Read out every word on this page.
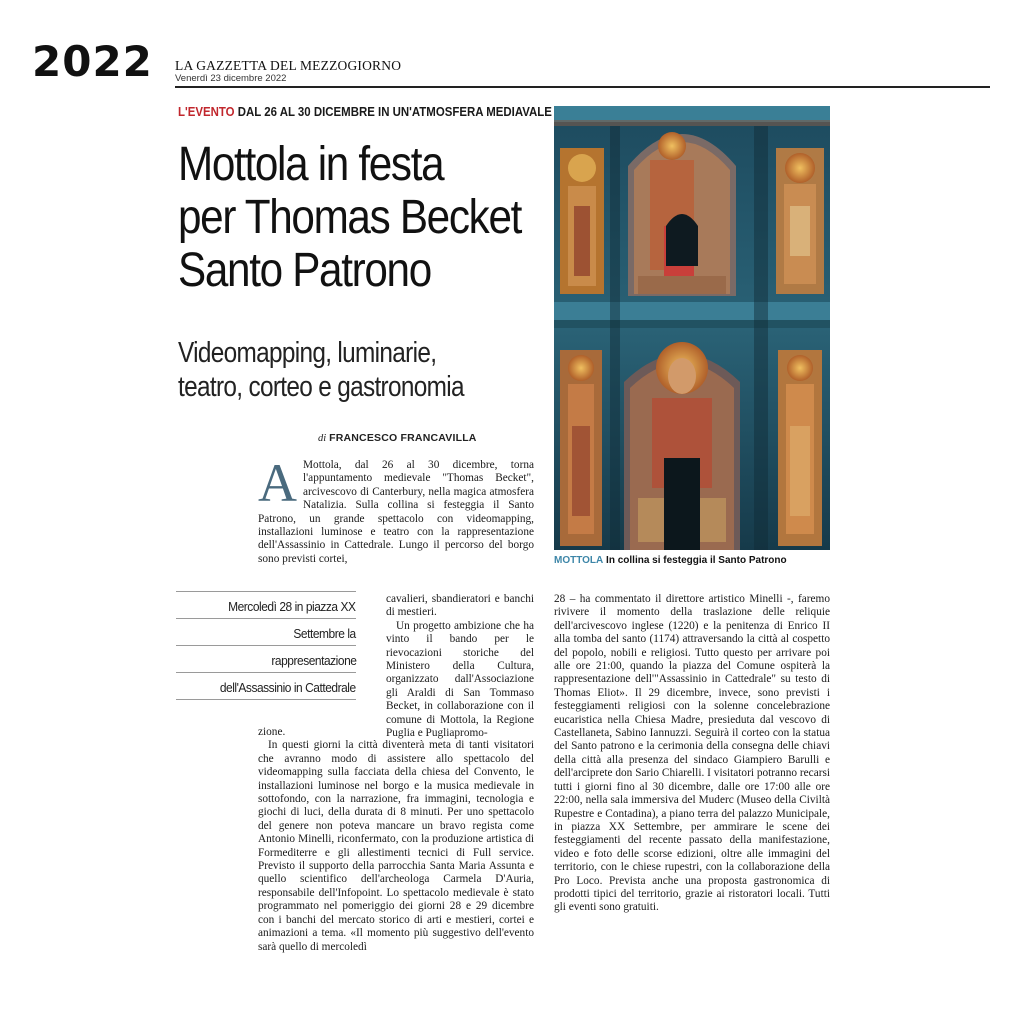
2022 LA GAZZETTA DEL MEZZOGIORNO
Venerdì 23 dicembre 2022
L'EVENTO DAL 26 AL 30 DICEMBRE IN UN'ATMOSFERA MEDIAVALE
Mottola in festa
per Thomas Becket
Santo Patrono
Videomapping, luminarie,
teatro, corteo e gastronomia
di FRANCESCO FRANCAVILLA
A Mottola, dal 26 al 30 dicembre, torna l'appuntamento medievale "Thomas Becket", arcivescovo di Canterbury, nella magica atmosfera Natalizia. Sulla collina si festeggia il Santo Patrono, un grande spettacolo con videomapping, installazioni luminose e teatro con la rappresentazione dell'Assassinio in Cattedrale. Lungo il percorso del borgo sono previsti cortei,

Mercoledì 28 in piazza XX
Settembre la
rappresentazione
dell'Assassinio in Cattedrale

cavalieri, sbandieratori e banchi di mestieri.

Un progetto ambizione che ha vinto il bando per le rievocazioni storiche del Ministero della Cultura, organizzato dall'Associazione gli Araldi di San Tommaso Becket, in collaborazione con il comune di Mottola, la Regione Puglia e Pugliapromo-

zione.

In questi giorni la città diventerà meta di tanti visitatori che avranno modo di assistere allo spettacolo del videomapping sulla facciata della chiesa del Convento, le installazioni luminose nel borgo e la musica medievale in sottofondo, con la narrazione, fra immagini, tecnologia e giochi di luci, della durata di 8 minuti. Per uno spettacolo del genere non poteva mancare un bravo regista come Antonio Minelli, riconfermato, con la produzione artistica di Formediterre e gli allestimenti tecnici di Full service. Previsto il supporto della parrocchia Santa Maria Assunta e quello scientifico dell'archeologa Carmela D'Auria, responsabile dell'Infopoint. Lo spettacolo medievale è stato programmato nel pomeriggio dei giorni 28 e 29 dicembre con i banchi del mercato storico di arti e mestieri, cortei e animazioni a tema. «Il momento più suggestivo dell'evento sarà quello di mercoledì

28 – ha commentato il direttore artistico Minelli -, faremo rivivere il momento della traslazione delle reliquie dell'arcivescovo inglese (1220) e la penitenza di Enrico II alla tomba del santo (1174) attraversando la città al cospetto del popolo, nobili e religiosi. Tutto questo per arrivare poi alle ore 21:00, quando la piazza del Comune ospiterà la rappresentazione dell'"Assassinio in Cattedrale" su testo di Thomas Eliot». Il 29 dicembre, invece, sono previsti i festeggiamenti religiosi con la solenne concelebrazione eucaristica nella Chiesa Madre, presieduta dal vescovo di Castellaneta, Sabino Iannuzzi. Seguirà il corteo con la statua del Santo patrono e la cerimonia della consegna delle chiavi della città alla presenza del sindaco Giampiero Barulli e dell'arciprete don Sario Chiarelli. I visitatori potranno recarsi tutti i giorni fino al 30 dicembre, dalle ore 17:00 alle ore 22:00, nella sala immersiva del Muderc (Museo della Civiltà Rupestre e Contadina), a piano terra del palazzo Municipale, in piazza XX Settembre, per ammirare le scene dei festeggiamenti del recente passato della manifestazione, video e foto delle scorse edizioni, oltre alle immagini del territorio, con le chiese rupestri, con la collaborazione della Pro Loco. Prevista anche una proposta gastronomica di prodotti tipici del territorio, grazie ai ristoratori locali. Tutti gli eventi sono gratuiti.

MOTTOLA In collina si festeggia il Santo Patrono
